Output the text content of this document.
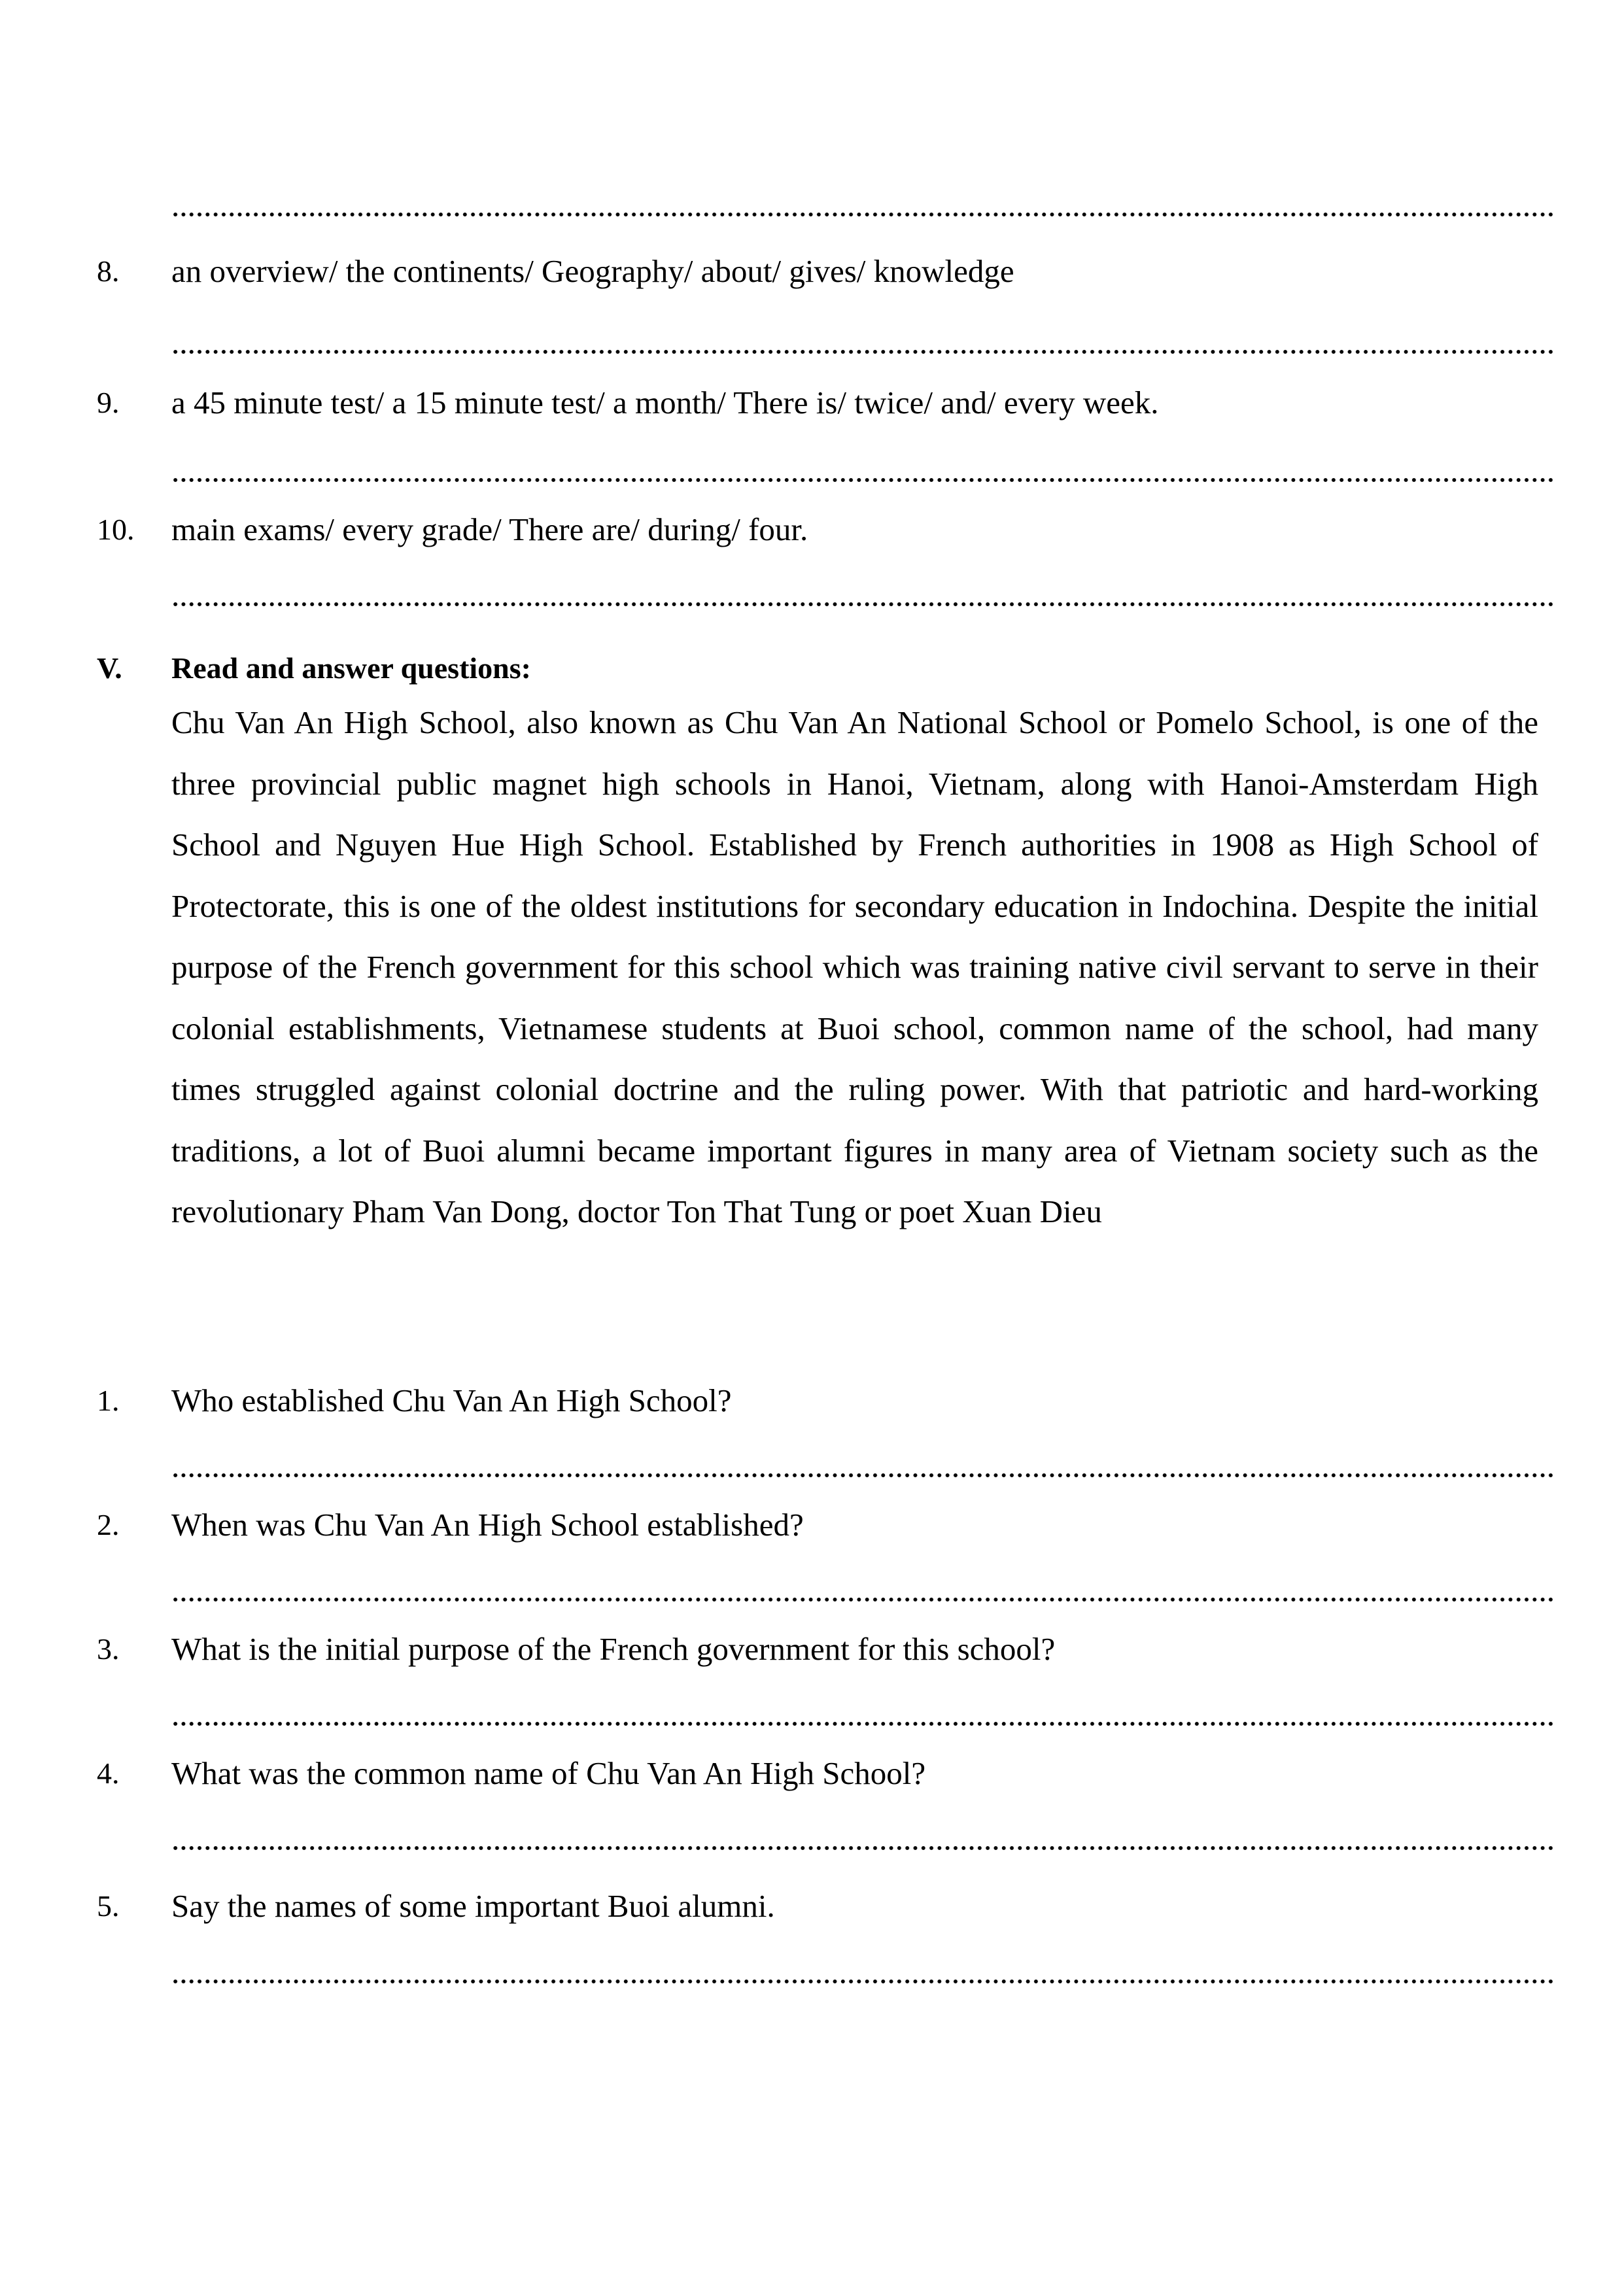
8. an overview/ the continents/ Geography/ about/ gives/ knowledge
9. a 45 minute test/ a 15 minute test/ a month/ There is/ twice/ and/ every week.
10. main exams/ every grade/ There are/ during/ four.
V. Read and answer questions:
Chu Van An High School, also known as Chu Van An National School or Pomelo School, is one of the three provincial public magnet high schools in Hanoi, Vietnam, along with Hanoi-Amsterdam High School and Nguyen Hue High School. Established by French authorities in 1908 as High School of Protectorate, this is one of the oldest institutions for secondary education in Indochina. Despite the initial purpose of the French government for this school which was training native civil servant to serve in their colonial establishments, Vietnamese students at Buoi school, common name of the school, had many times struggled against colonial doctrine and the ruling power. With that patriotic and hard-working traditions, a lot of Buoi alumni became important figures in many area of Vietnam society such as the revolutionary Pham Van Dong, doctor Ton That Tung or poet Xuan Dieu
1. Who established Chu Van An High School?
2. When was Chu Van An High School established?
3. What is the initial purpose of the French government for this school?
4. What was the common name of Chu Van An High School?
5. Say the names of some important Buoi alumni.
